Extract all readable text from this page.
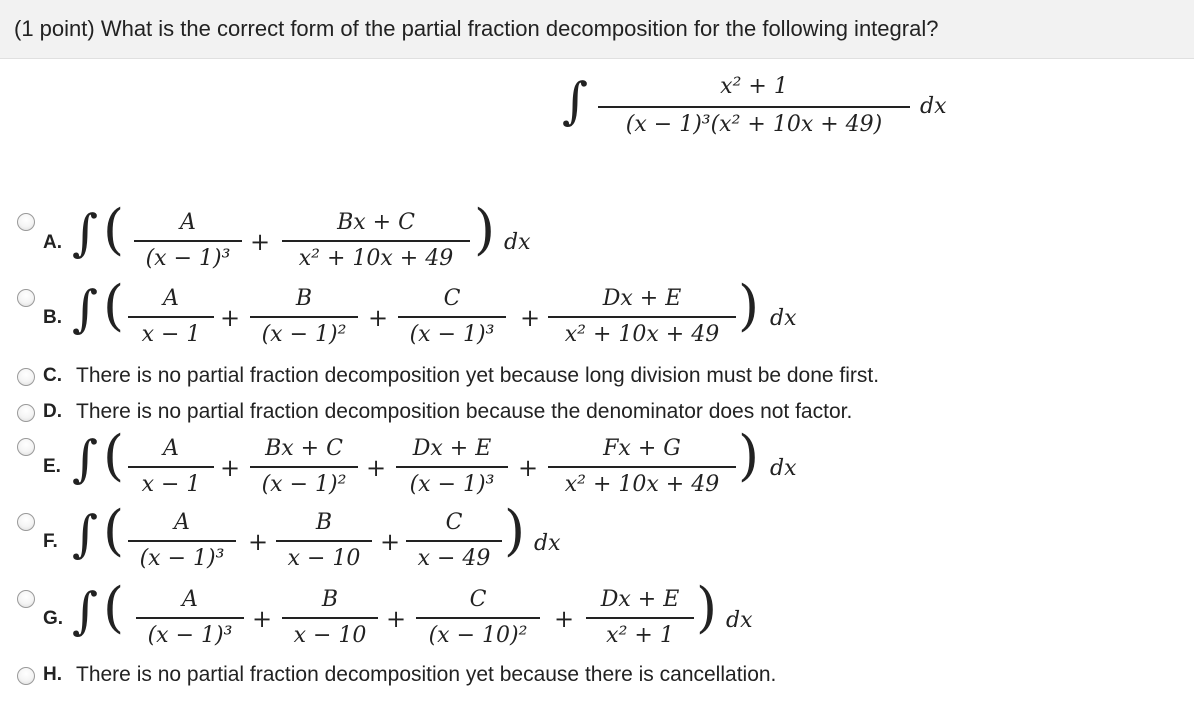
(1 point) What is the correct form of the partial fraction decomposition for the following integral?
∫	x² + 1
(x − 1)³(x² + 10x + 49)
dx
A. ∫ (	A
(x − 1)³
+
Bx + C
x² + 10x + 49 ) dx
B. ∫ (	A
x − 1
+
B
(x − 1)²
+
C
(x − 1)³
+
Dx + E
x² + 10x + 49 ) dx
C. There is no partial fraction decomposition yet because long division must be done first.
D. There is no partial fraction decomposition because the denominator does not factor.
E. ∫ (	A
x − 1
+
Bx + C
(x − 1)²
+
Dx + E
(x − 1)³
+
Fx + G
x² + 10x + 49 ) dx
F. ∫ (	A
(x − 1)³
+
B
x − 10
+
C
x − 49 ) dx
G. ∫ (	A
(x − 1)³
+
B
x − 10
+
C
(x − 10)²
+
Dx + E
x² + 1 ) dx
H. There is no partial fraction decomposition yet because there is cancellation.
